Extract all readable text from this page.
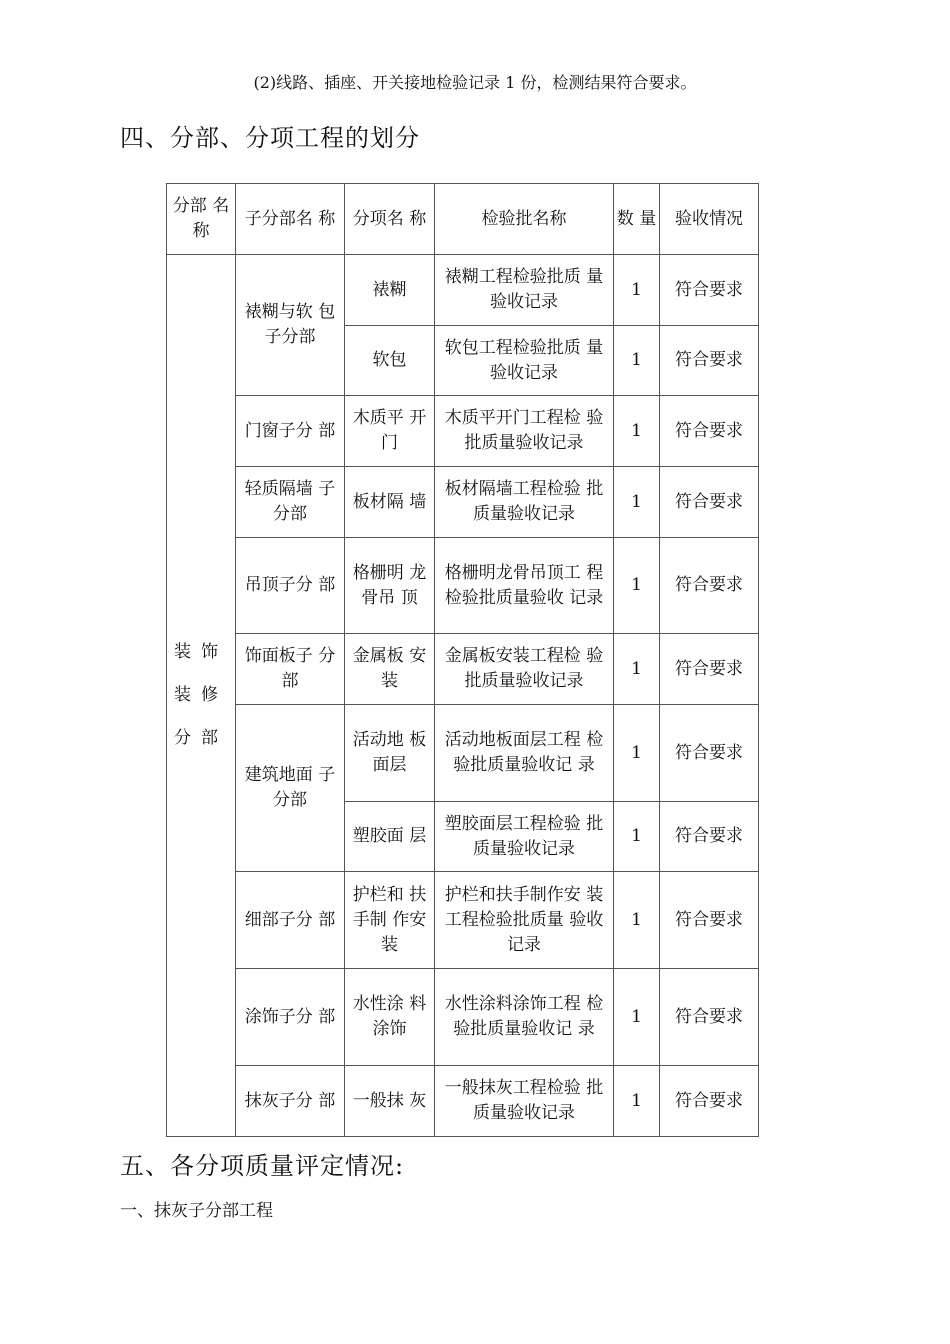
(2)线路、插座、开关接地检验记录 1 份，检测结果符合要求。
四、分部、分项工程的划分
分部 名称	子分部名 称	分项名 称	检验批名称	数 量	验收情况
装饰 装修 分部	裱糊与软 包子分部	裱糊	裱糊工程检验批质 量验收记录	1	符合要求
		软包	软包工程检验批质 量验收记录	1	符合要求
	门窗子分 部	木质平 开门	木质平开门工程检 验批质量验收记录	1	符合要求
	轻质隔墙 子分部	板材隔 墙	板材隔墙工程检验 批质量验收记录	1	符合要求
	吊顶子分 部	格栅明 龙骨吊 顶	格栅明龙骨吊顶工 程检验批质量验收 记录	1	符合要求
	饰面板子 分部	金属板 安装	金属板安装工程检 验批质量验收记录	1	符合要求
	建筑地面 子分部	活动地 板面层	活动地板面层工程 检验批质量验收记 录	1	符合要求
		塑胶面 层	塑胶面层工程检验 批质量验收记录	1	符合要求
	细部子分 部	护栏和 扶手制 作安装	护栏和扶手制作安 装工程检验批质量 验收记录	1	符合要求
	涂饰子分 部	水性涂 料涂饰	水性涂料涂饰工程 检验批质量验收记 录	1	符合要求
	抹灰子分 部	一般抹 灰	一般抹灰工程检验 批质量验收记录	1	符合要求
五、各分项质量评定情况:
一、抹灰子分部工程
